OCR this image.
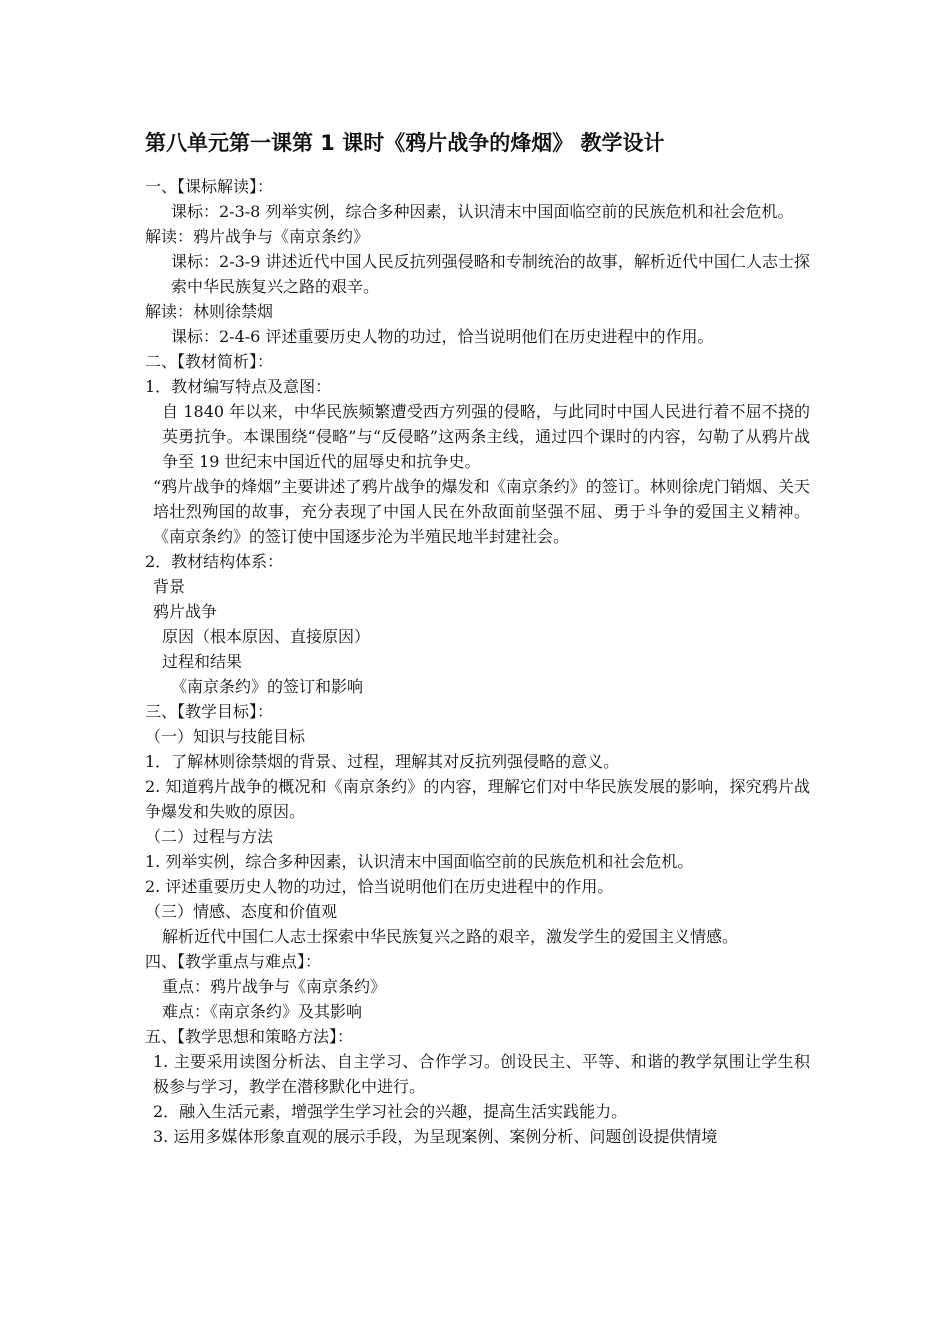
第八单元第一课第 1 课时《鸦片战争的烽烟》 教学设计

一、【课标解读】：

课标：2-3-8 列举实例，综合多种因素，认识清末中国面临空前的民族危机和社会危机。

解读：鸦片战争与《南京条约》

课标：2-3-9 讲述近代中国人民反抗列强侵略和专制统治的故事，解析近代中国仁人志士探索中华民族复兴之路的艰辛。

解读：林则徐禁烟

课标：2-4-6 评述重要历史人物的功过，恰当说明他们在历史进程中的作用。

二、【教材简析】：

1．教材编写特点及意图：

自 1840 年以来，中华民族频繁遭受西方列强的侵略，与此同时中国人民进行着不屈不挠的英勇抗争。本课围绕“侵略”与“反侵略”这两条主线，通过四个课时的内容，勾勒了从鸦片战争至 19 世纪末中国近代的屈辱史和抗争史。

“鸦片战争的烽烟”主要讲述了鸦片战争的爆发和《南京条约》的签订。林则徐虎门销烟、关天培壮烈殉国的故事，充分表现了中国人民在外敌面前坚强不屈、勇于斗争的爱国主义精神。《南京条约》的签订使中国逐步沦为半殖民地半封建社会。

2．教材结构体系：

背景

鸦片战争

原因（根本原因、直接原因）

过程和结果

《南京条约》的签订和影响

三、【教学目标】：

（一）知识与技能目标

1．了解林则徐禁烟的背景、过程，理解其对反抗列强侵略的意义。

2. 知道鸦片战争的概况和《南京条约》的内容，理解它们对中华民族发展的影响，探究鸦片战争爆发和失败的原因。

（二）过程与方法

1. 列举实例，综合多种因素，认识清末中国面临空前的民族危机和社会危机。

2. 评述重要历史人物的功过，恰当说明他们在历史进程中的作用。

（三）情感、态度和价值观

解析近代中国仁人志士探索中华民族复兴之路的艰辛，激发学生的爱国主义情感。

四、【教学重点与难点】：

重点：鸦片战争与《南京条约》

难点：《南京条约》及其影响

五、【教学思想和策略方法】：

1. 主要采用读图分析法、自主学习、合作学习。创设民主、平等、和谐的教学氛围让学生积极参与学习，教学在潜移默化中进行。

2．融入生活元素，增强学生学习社会的兴趣，提高生活实践能力。

3. 运用多媒体形象直观的展示手段，为呈现案例、案例分析、问题创设提供情境
